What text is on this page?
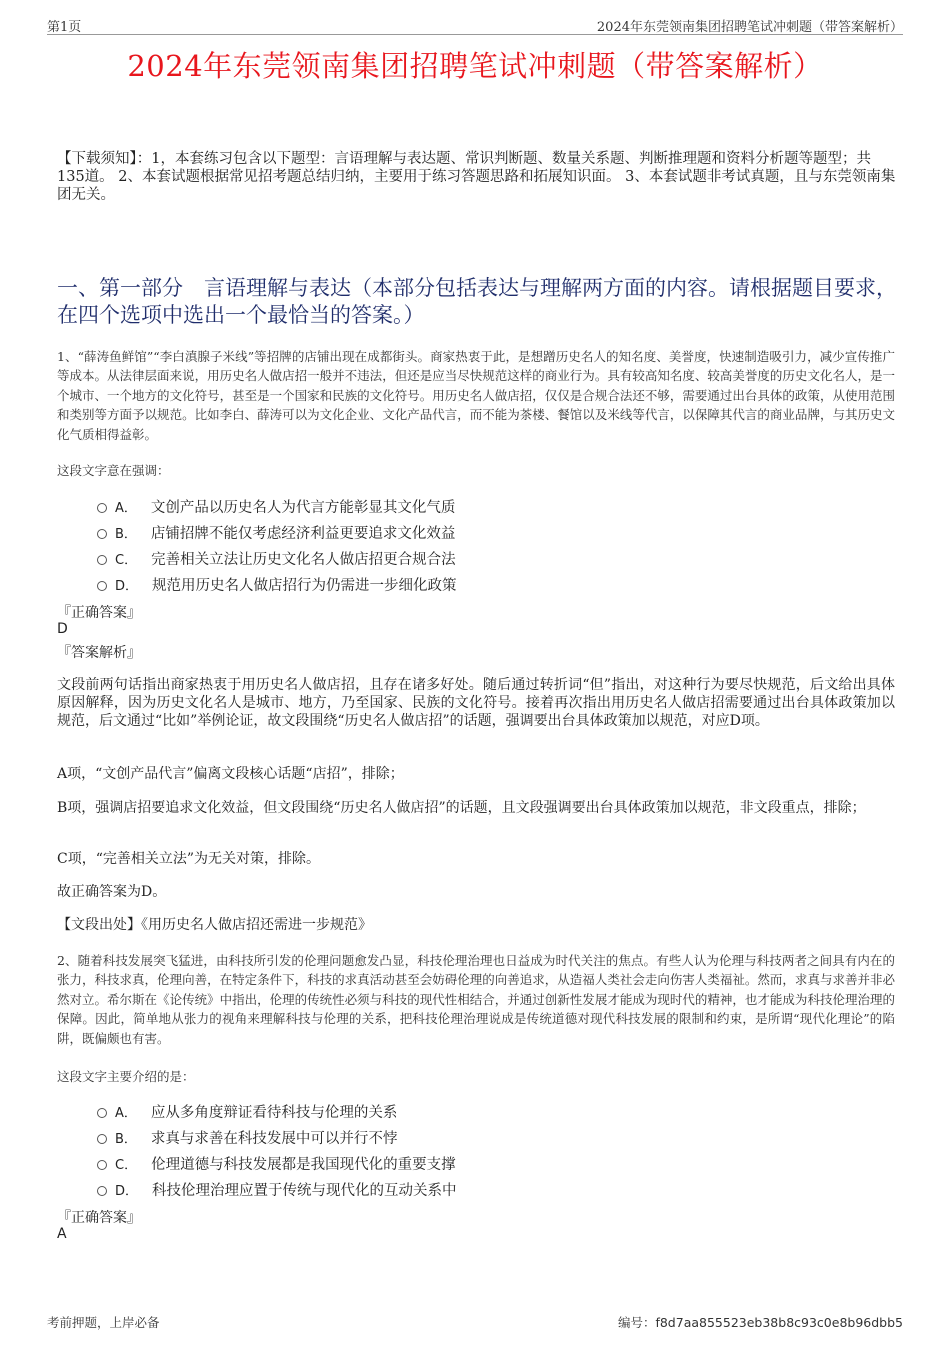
第1页	2024年东莞领南集团招聘笔试冲刺题（带答案解析）
2024年东莞领南集团招聘笔试冲刺题（带答案解析）
【下载须知】：1，本套练习包含以下题型：言语理解与表达题、常识判断题、数量关系题、判断推理题和资料分析题等题型；共135道。 2、本套试题根据常见招考题总结归纳，主要用于练习答题思路和拓展知识面。 3、本套试题非考试真题，且与东莞领南集团无关。
一、第一部分　言语理解与表达（本部分包括表达与理解两方面的内容。请根据题目要求，在四个选项中选出一个最恰当的答案。）
1、“薛涛鱼鲜馆”“李白滇腺子米线”等招牌的店铺出现在成都街头。商家热衷于此，是想蹭历史名人的知名度、美誉度，快速制造吸引力，减少宣传推广等成本。从法律层面来说，用历史名人做店招一般并不违法，但还是应当尽快规范这样的商业行为。具有较高知名度、较高美誉度的历史文化名人，是一个城市、一个地方的文化符号，甚至是一个国家和民族的文化符号。用历史名人做店招，仅仅是合规合法还不够，需要通过出台具体的政策，从使用范围和类别等方面予以规范。比如李白、薛涛可以为文化企业、文化产品代言，而不能为茶楼、餐馆以及米线等代言，以保障其代言的商业品牌，与其历史文化气质相得益彰。
这段文字意在强调：
A． 文创产品以历史名人为代言方能彰显其文化气质
B． 店铺招牌不能仅考虑经济利益更要追求文化效益
C． 完善相关立法让历史文化名人做店招更合规合法
D． 规范用历史名人做店招行为仍需进一步细化政策
『正确答案』
D
『答案解析』
文段前两句话指出商家热衷于用历史名人做店招，且存在诸多好处。随后通过转折词“但”指出，对这种行为要尽快规范，后文给出具体原因解释，因为历史文化名人是城市、地方，乃至国家、民族的文化符号。接着再次指出用历史名人做店招需要通过出台具体政策加以规范，后文通过“比如”举例论证，故文段围绕“历史名人做店招”的话题，强调要出台具体政策加以规范，对应D项。
A项，“文创产品代言”偏离文段核心话题“店招”，排除；
B项，强调店招要追求文化效益，但文段围绕“历史名人做店招”的话题，且文段强调要出台具体政策加以规范，非文段重点，排除；
C项，“完善相关立法”为无关对策，排除。
故正确答案为D。
【文段出处】《用历史名人做店招还需进一步规范》
2、随着科技发展突飞猛进，由科技所引发的伦理问题愈发凸显，科技伦理治理也日益成为时代关注的焦点。有些人认为伦理与科技两者之间具有内在的张力，科技求真，伦理向善，在特定条件下，科技的求真活动甚至会妨碍伦理的向善追求，从造福人类社会走向伤害人类福祉。然而，求真与求善并非必然对立。希尔斯在《论传统》中指出，伦理的传统性必须与科技的现代性相结合，并通过创新性发展才能成为现时代的精神，也才能成为科技伦理治理的保障。因此，简单地从张力的视角来理解科技与伦理的关系，把科技伦理治理说成是传统道德对现代科技发展的限制和约束，是所谓“现代化理论”的陷阱，既偏颇也有害。
这段文字主要介绍的是：
A． 应从多角度辩证看待科技与伦理的关系
B． 求真与求善在科技发展中可以并行不悖
C． 伦理道德与科技发展都是我国现代化的重要支撑
D． 科技伦理治理应置于传统与现代化的互动关系中
『正确答案』
A
考前押题，上岸必备	编号：f8d7aa855523eb38b8c93c0e8b96dbb5
